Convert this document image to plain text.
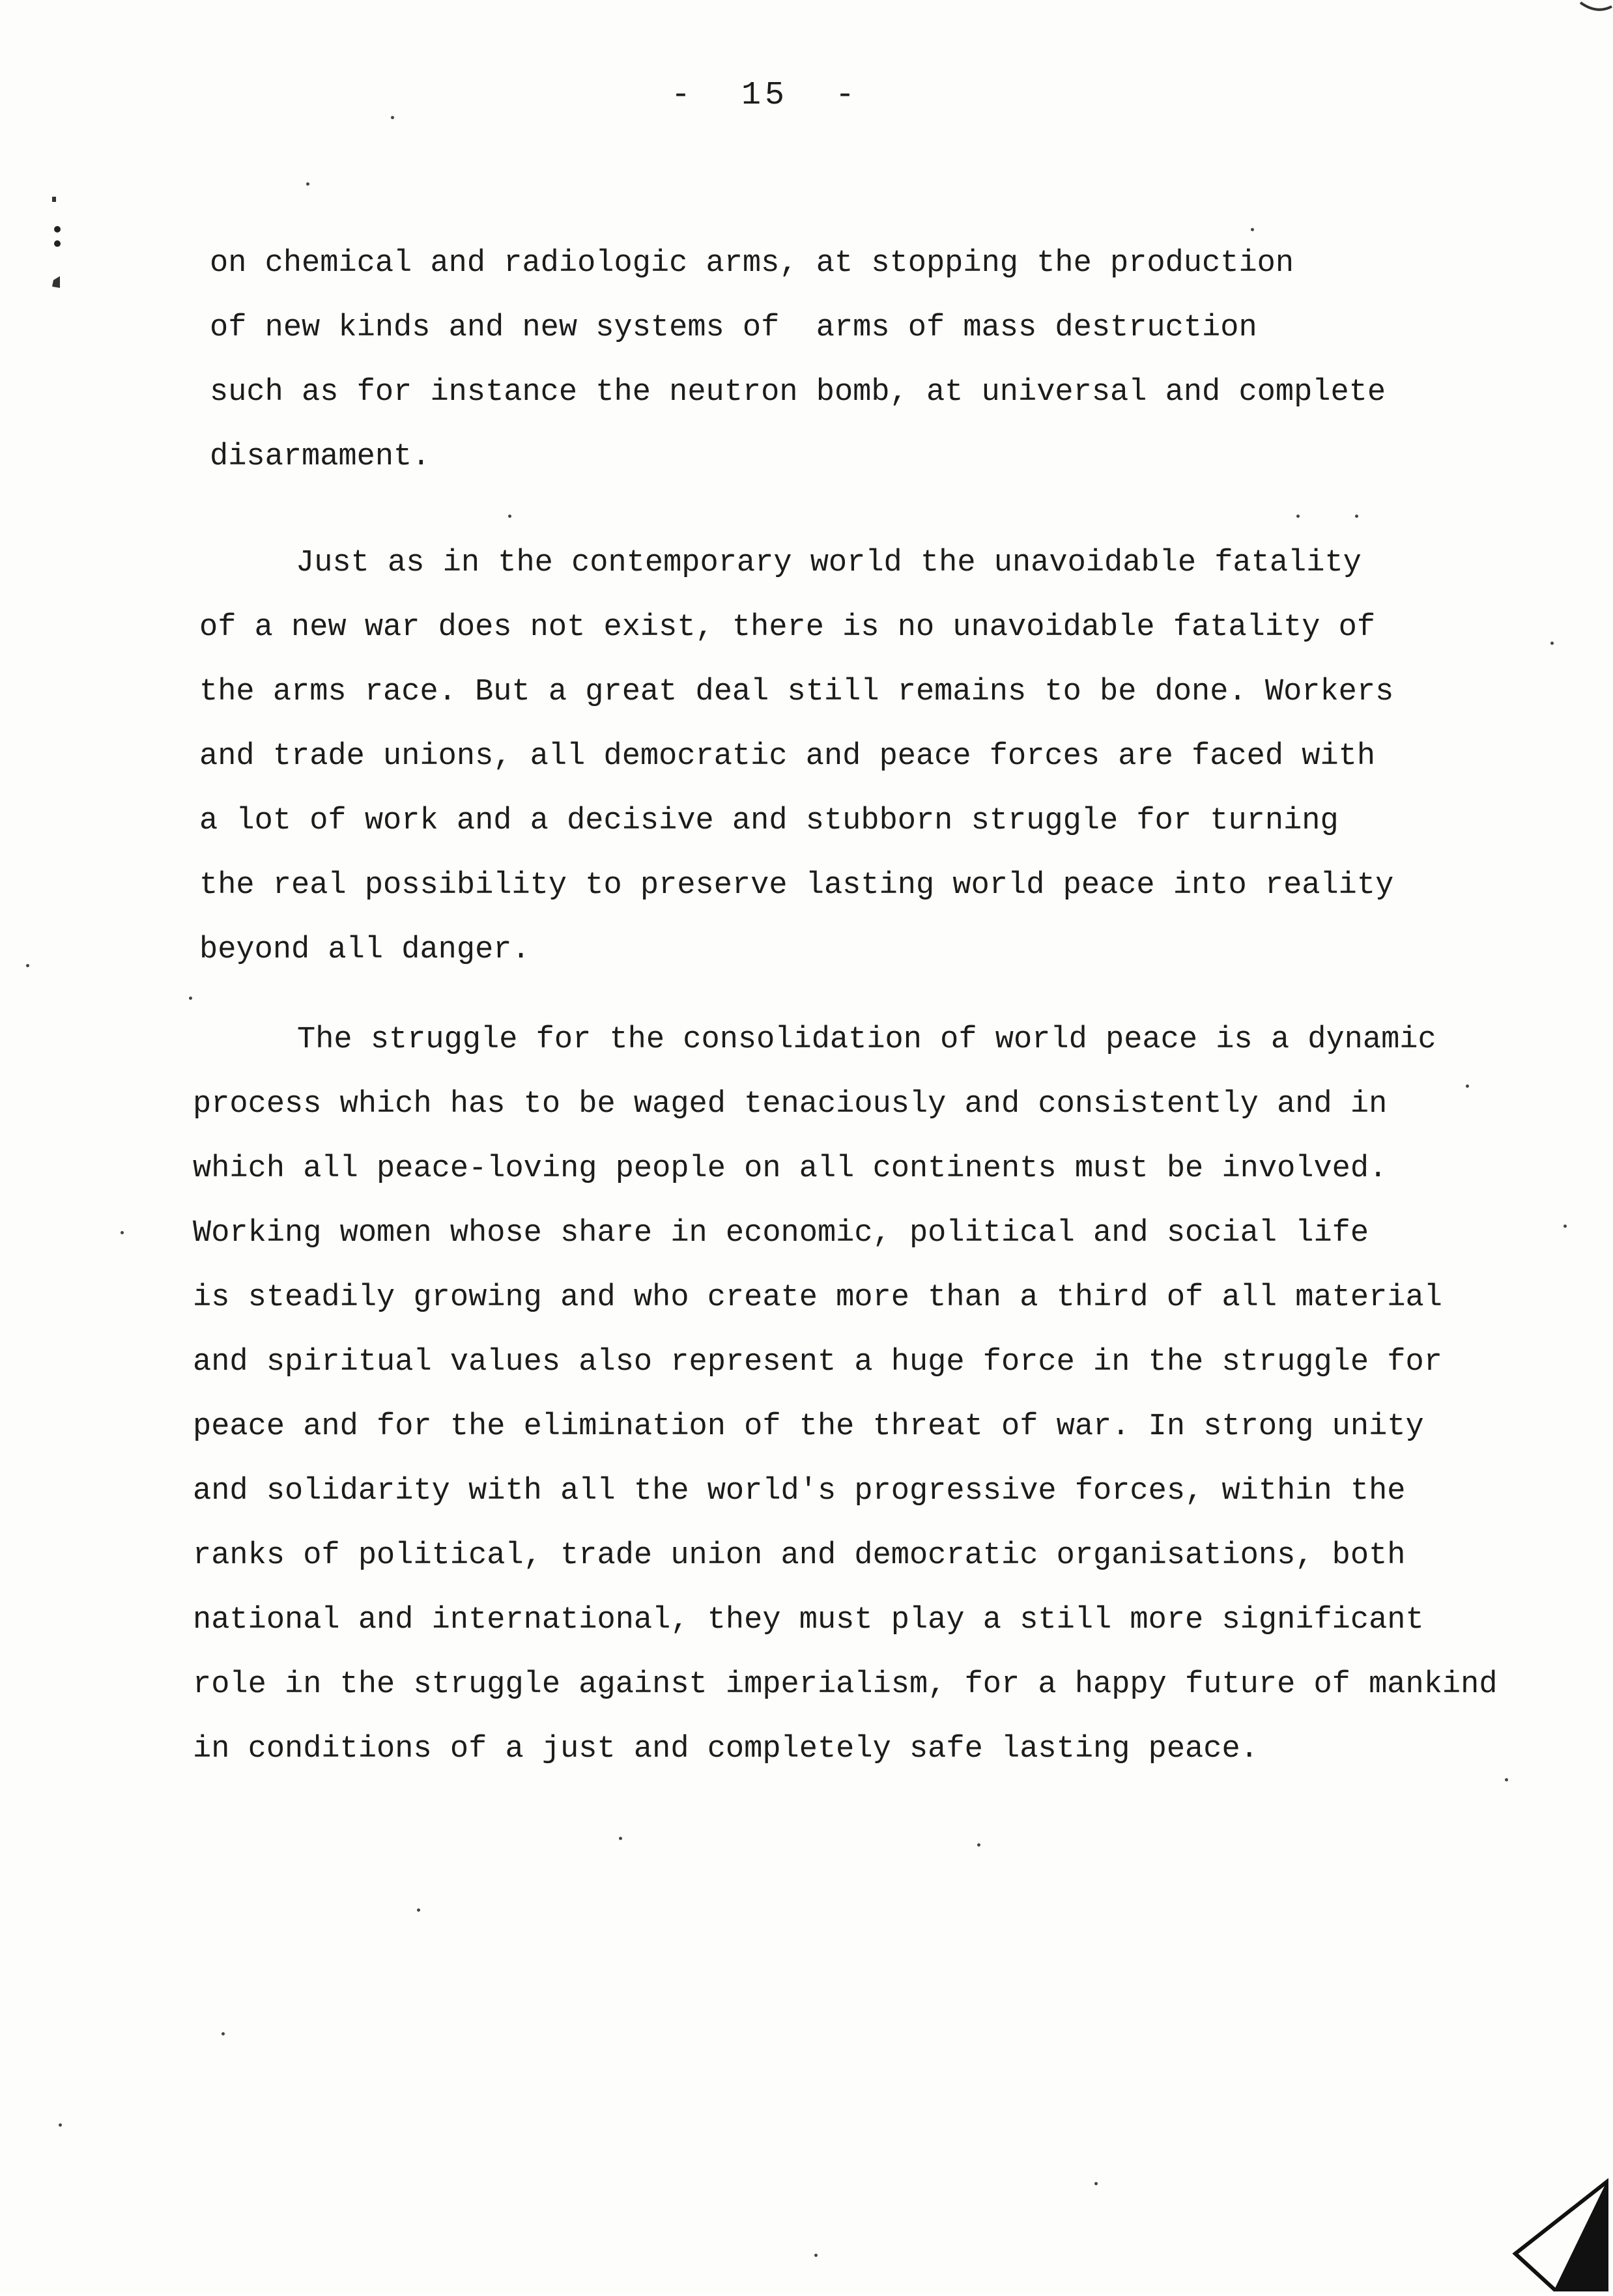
-  15  -
on chemical and radiologic arms, at stopping the production
of new kinds and new systems of  arms of mass destruction
such as for instance the neutron bomb, at universal and complete
disarmament.
Just as in the contemporary world the unavoidable fatality
of a new war does not exist, there is no unavoidable fatality of
the arms race. But a great deal still remains to be done. Workers
and trade unions, all democratic and peace forces are faced with
a lot of work and a decisive and stubborn struggle for turning
the real possibility to preserve lasting world peace into reality
beyond all danger.
The struggle for the consolidation of world peace is a dynamic
process which has to be waged tenaciously and consistently and in
which all peace-loving people on all continents must be involved.
Working women whose share in economic, political and social life
is steadily growing and who create more than a third of all material
and spiritual values also represent a huge force in the struggle for
peace and for the elimination of the threat of war. In strong unity
and solidarity with all the world's progressive forces, within the
ranks of political, trade union and democratic organisations, both
national and international, they must play a still more significant
role in the struggle against imperialism, for a happy future of mankind
in conditions of a just and completely safe lasting peace.
